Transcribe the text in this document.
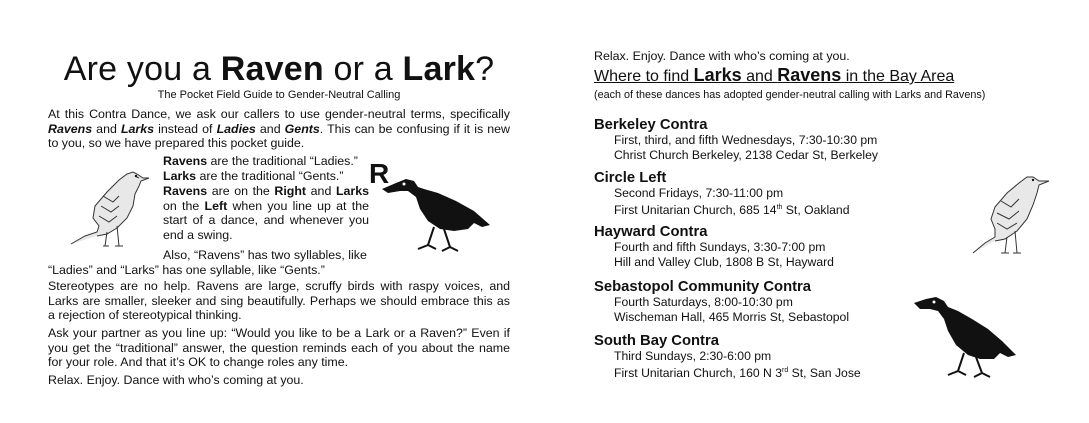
Are you a Raven or a Lark?
The Pocket Field Guide to Gender-Neutral Calling
At this Contra Dance, we ask our callers to use gender-neutral terms, specifically Ravens and Larks instead of Ladies and Gents. This can be confusing if it is new to you, so we have prepared this pocket guide.
Ravens are the traditional “Ladies.”
Larks are the traditional “Gents.”
Ravens are on the Right and Larks on the Left when you line up at the start of a dance, and whenever you end a swing.
Also, “Ravens” has two syllables, like
“Ladies” and “Larks” has one syllable, like “Gents.”
R
Stereotypes are no help. Ravens are large, scruffy birds with raspy voices, and Larks are smaller, sleeker and sing beautifully. Perhaps we should embrace this as a rejection of stereotypical thinking.
Ask your partner as you line up: “Would you like to be a Lark or a Raven?” Even if you get the “traditional” answer, the question reminds each of you about the name for your role. And that it’s OK to change roles any time.
Relax. Enjoy. Dance with who’s coming at you.
Relax. Enjoy. Dance with who’s coming at you.
Where to find Larks and Ravens in the Bay Area
(each of these dances has adopted gender-neutral calling with Larks and Ravens)
Berkeley Contra
First, third, and fifth Wednesdays, 7:30-10:30 pm
Christ Church Berkeley, 2138 Cedar St, Berkeley
Circle Left
Second Fridays, 7:30-11:00 pm
First Unitarian Church, 685 14th St, Oakland
Hayward Contra
Fourth and fifth Sundays, 3:30-7:00 pm
Hill and Valley Club, 1808 B St, Hayward
Sebastopol Community Contra
Fourth Saturdays, 8:00-10:30 pm
Wischeman Hall, 465 Morris St, Sebastopol
South Bay Contra
Third Sundays, 2:30-6:00 pm
First Unitarian Church, 160 N 3rd St, San Jose
